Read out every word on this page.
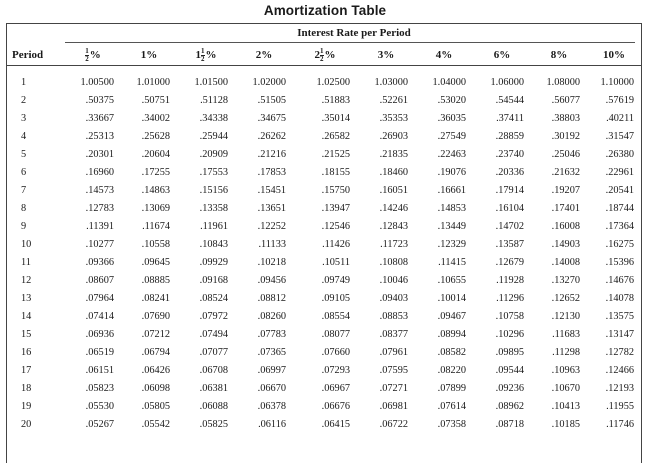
Amortization Table
Interest Rate per Period
Period	$\frac{1}{2}$ %	1%	$1 \frac{1}{2}$ %	2%	$2 \frac{1}{2}$ %	3%	4%	6%	8%	10%

1	1.00500	1.01000	1.01500	1.02000	1.02500	1.03000	1.04000	1.06000	1.08000	1.10000
2	.50375	.50751	.51128	.51505	.51883	.52261	.53020	.54544	.56077	.57619
3	.33667	.34002	.34338	.34675	.35014	.35353	.36035	.37411	.38803	.40211
4	.25313	.25628	.25944	.26262	.26582	.26903	.27549	.28859	.30192	.31547
5	.20301	.20604	.20909	.21216	.21525	.21835	.22463	.23740	.25046	.26380
6	.16960	.17255	.17553	.17853	.18155	.18460	.19076	.20336	.21632	.22961
7	.14573	.14863	.15156	.15451	.15750	.16051	.16661	.17914	.19207	.20541
8	.12783	.13069	.13358	.13651	.13947	.14246	.14853	.16104	.17401	.18744
9	.11391	.11674	.11961	.12252	.12546	.12843	.13449	.14702	.16008	.17364
10	.10277	.10558	.10843	.11133	.11426	.11723	.12329	.13587	.14903	.16275
11	.09366	.09645	.09929	.10218	.10511	.10808	.11415	.12679	.14008	.15396
12	.08607	.08885	.09168	.09456	.09749	.10046	.10655	.11928	.13270	.14676
13	.07964	.08241	.08524	.08812	.09105	.09403	.10014	.11296	.12652	.14078
14	.07414	.07690	.07972	.08260	.08554	.08853	.09467	.10758	.12130	.13575
15	.06936	.07212	.07494	.07783	.08077	.08377	.08994	.10296	.11683	.13147
16	.06519	.06794	.07077	.07365	.07660	.07961	.08582	.09895	.11298	.12782
17	.06151	.06426	.06708	.06997	.07293	.07595	.08220	.09544	.10963	.12466
18	.05823	.06098	.06381	.06670	.06967	.07271	.07899	.09236	.10670	.12193
19	.05530	.05805	.06088	.06378	.06676	.06981	.07614	.08962	.10413	.11955
20	.05267	.05542	.05825	.06116	.06415	.06722	.07358	.08718	.10185	.11746
